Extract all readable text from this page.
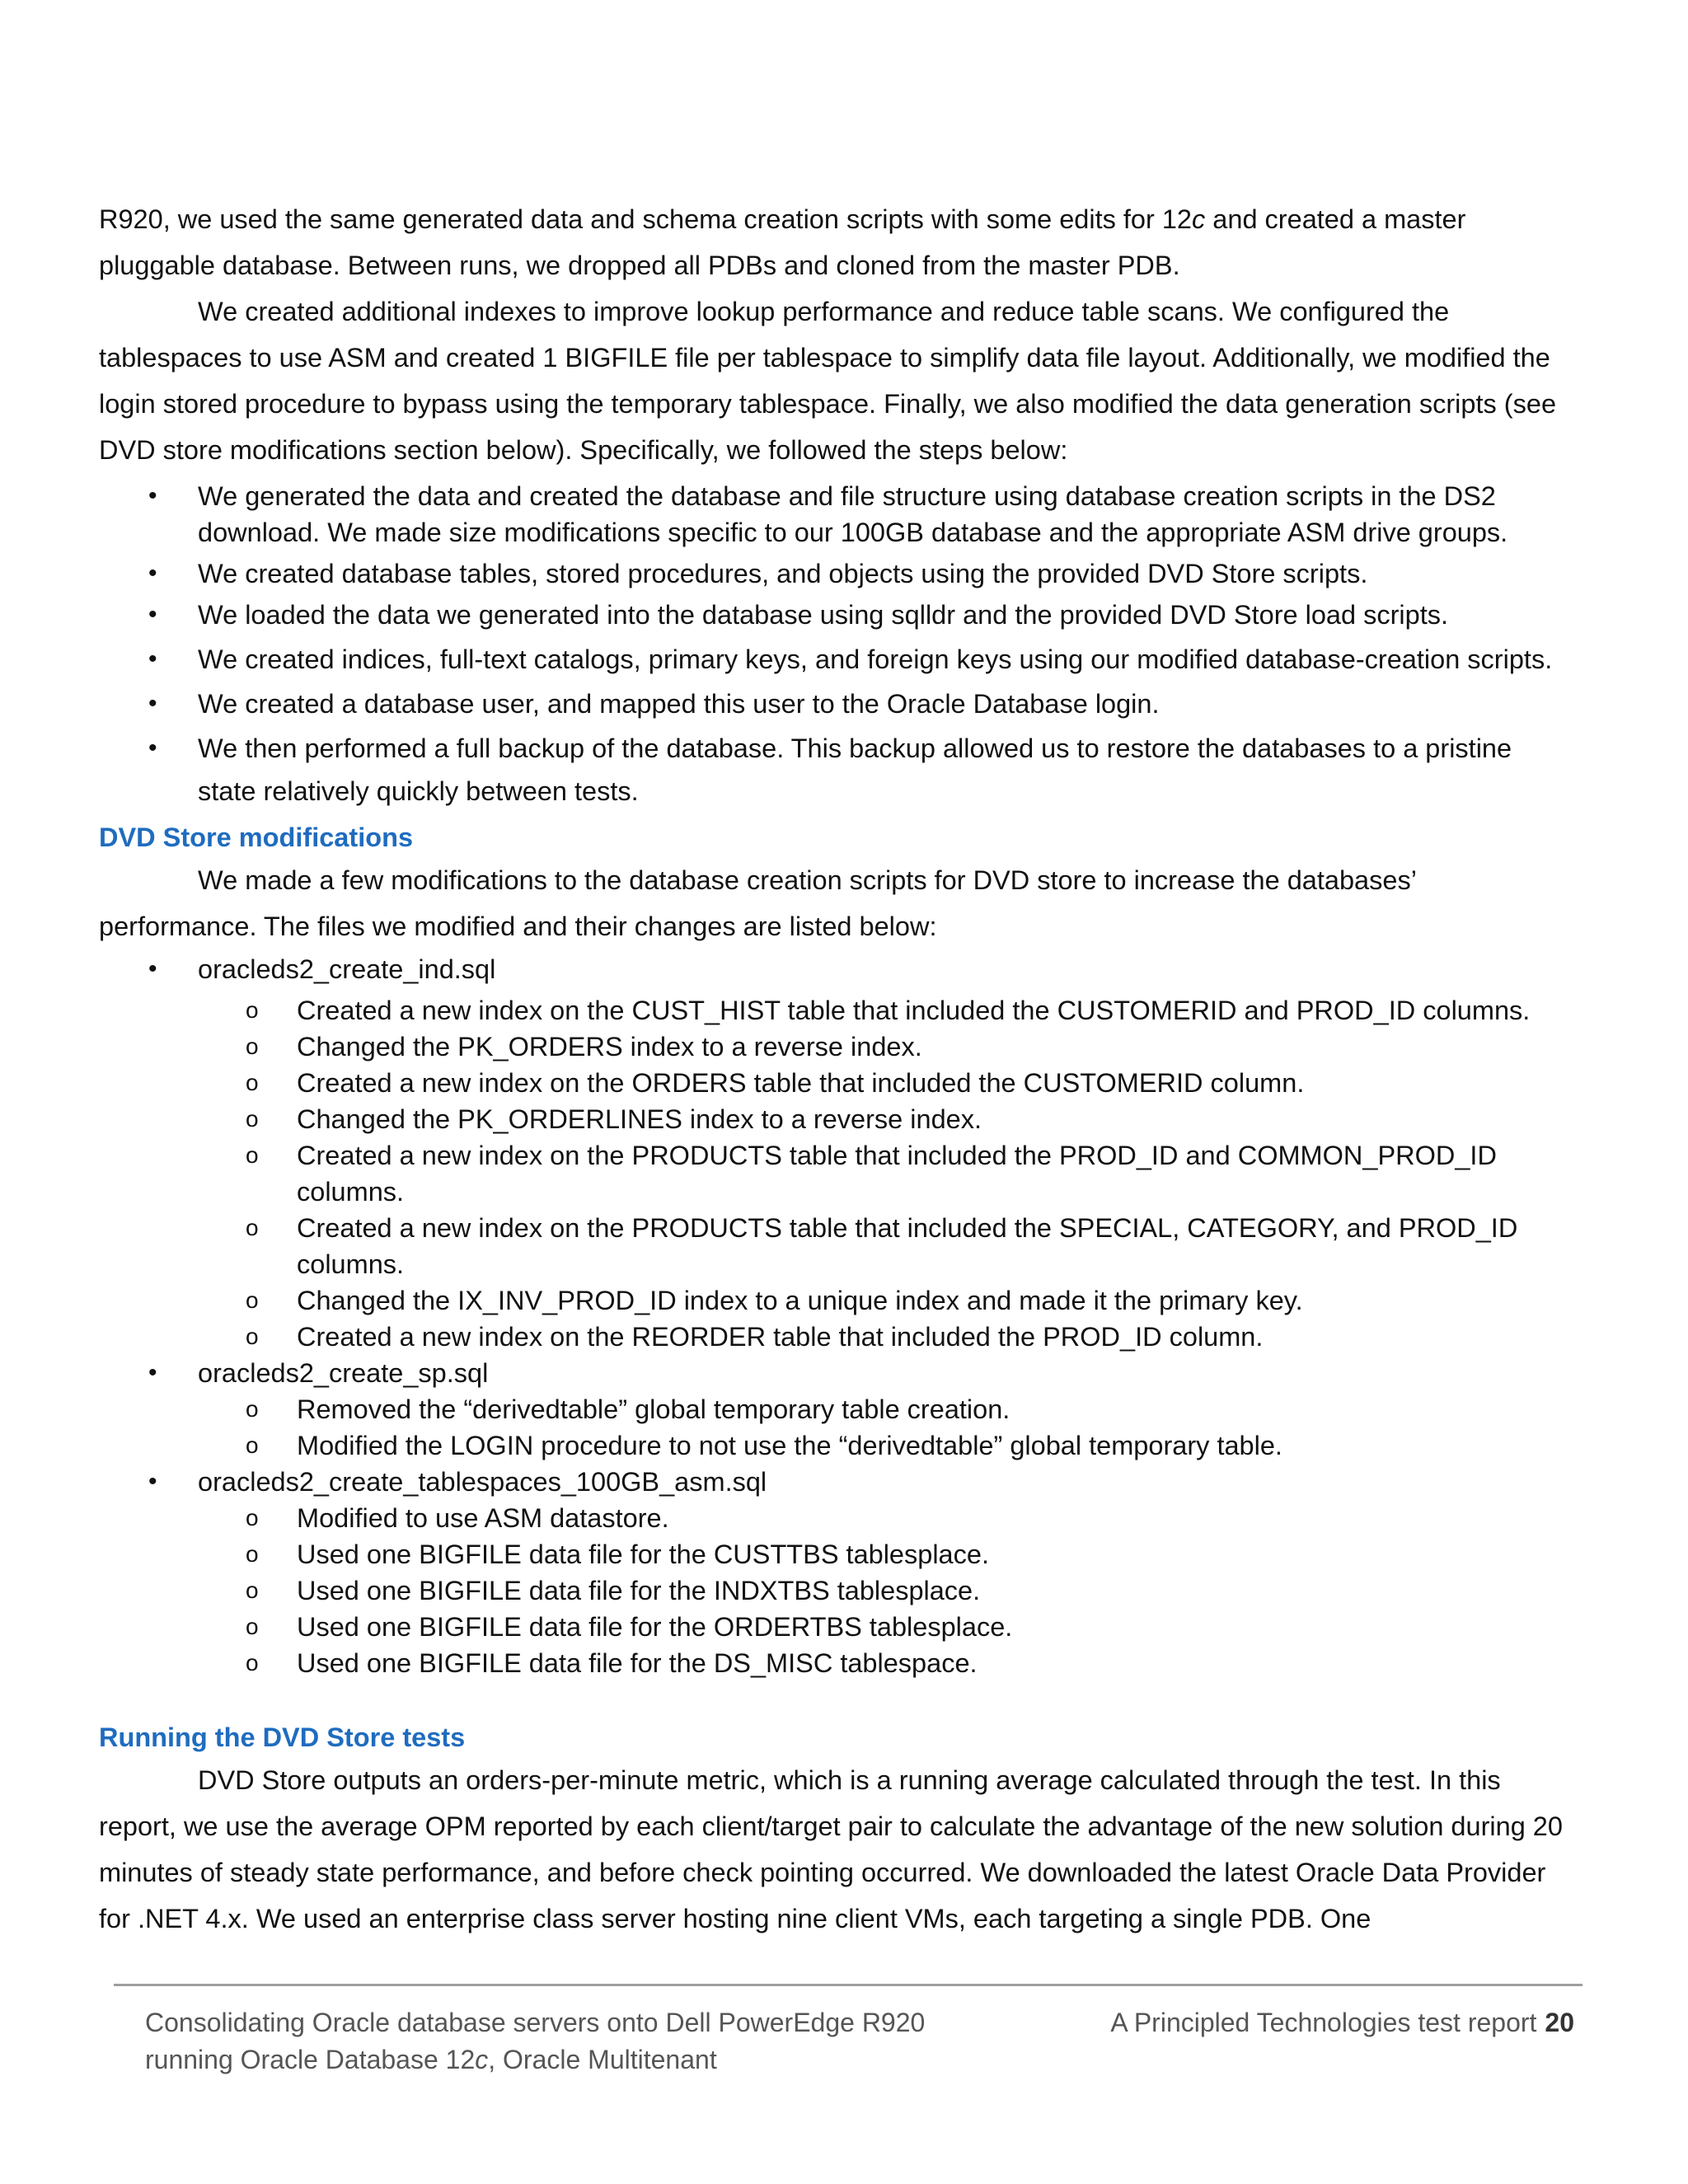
R920, we used the same generated data and schema creation scripts with some edits for 12c and created a master pluggable database. Between runs, we dropped all PDBs and cloned from the master PDB.

We created additional indexes to improve lookup performance and reduce table scans. We configured the tablespaces to use ASM and created 1 BIGFILE file per tablespace to simplify data file layout. Additionally, we modified the login stored procedure to bypass using the temporary tablespace. Finally, we also modified the data generation scripts (see DVD store modifications section below). Specifically, we followed the steps below:

• We generated the data and created the database and file structure using database creation scripts in the DS2 download. We made size modifications specific to our 100GB database and the appropriate ASM drive groups.
• We created database tables, stored procedures, and objects using the provided DVD Store scripts.
• We loaded the data we generated into the database using sqlldr and the provided DVD Store load scripts.
• We created indices, full-text catalogs, primary keys, and foreign keys using our modified database-creation scripts.
• We created a database user, and mapped this user to the Oracle Database login.
• We then performed a full backup of the database. This backup allowed us to restore the databases to a pristine state relatively quickly between tests.
DVD Store modifications

We made a few modifications to the database creation scripts for DVD store to increase the databases’ performance. The files we modified and their changes are listed below:

• oracleds2_create_ind.sql
o Created a new index on the CUST_HIST table that included the CUSTOMERID and PROD_ID columns.
o Changed the PK_ORDERS index to a reverse index.
o Created a new index on the ORDERS table that included the CUSTOMERID column.
o Changed the PK_ORDERLINES index to a reverse index.
o Created a new index on the PRODUCTS table that included the PROD_ID and COMMON_PROD_ID columns.
o Created a new index on the PRODUCTS table that included the SPECIAL, CATEGORY, and PROD_ID columns.
o Changed the IX_INV_PROD_ID index to a unique index and made it the primary key.
o Created a new index on the REORDER table that included the PROD_ID column.
• oracleds2_create_sp.sql
o Removed the “derivedtable” global temporary table creation.
o Modified the LOGIN procedure to not use the “derivedtable” global temporary table.
• oracleds2_create_tablespaces_100GB_asm.sql
o Modified to use ASM datastore.
o Used one BIGFILE data file for the CUSTTBS tablesplace.
o Used one BIGFILE data file for the INDXTBS tablesplace.
o Used one BIGFILE data file for the ORDERTBS tablesplace.
o Used one BIGFILE data file for the DS_MISC tablespace.
Running the DVD Store tests

DVD Store outputs an orders-per-minute metric, which is a running average calculated through the test. In this report, we use the average OPM reported by each client/target pair to calculate the advantage of the new solution during 20 minutes of steady state performance, and before check pointing occurred. We downloaded the latest Oracle Data Provider for .NET 4.x. We used an enterprise class server hosting nine client VMs, each targeting a single PDB. One

Consolidating Oracle database servers onto Dell PowerEdge R920
running Oracle Database 12c, Oracle Multitenant
A Principled Technologies test report 20
